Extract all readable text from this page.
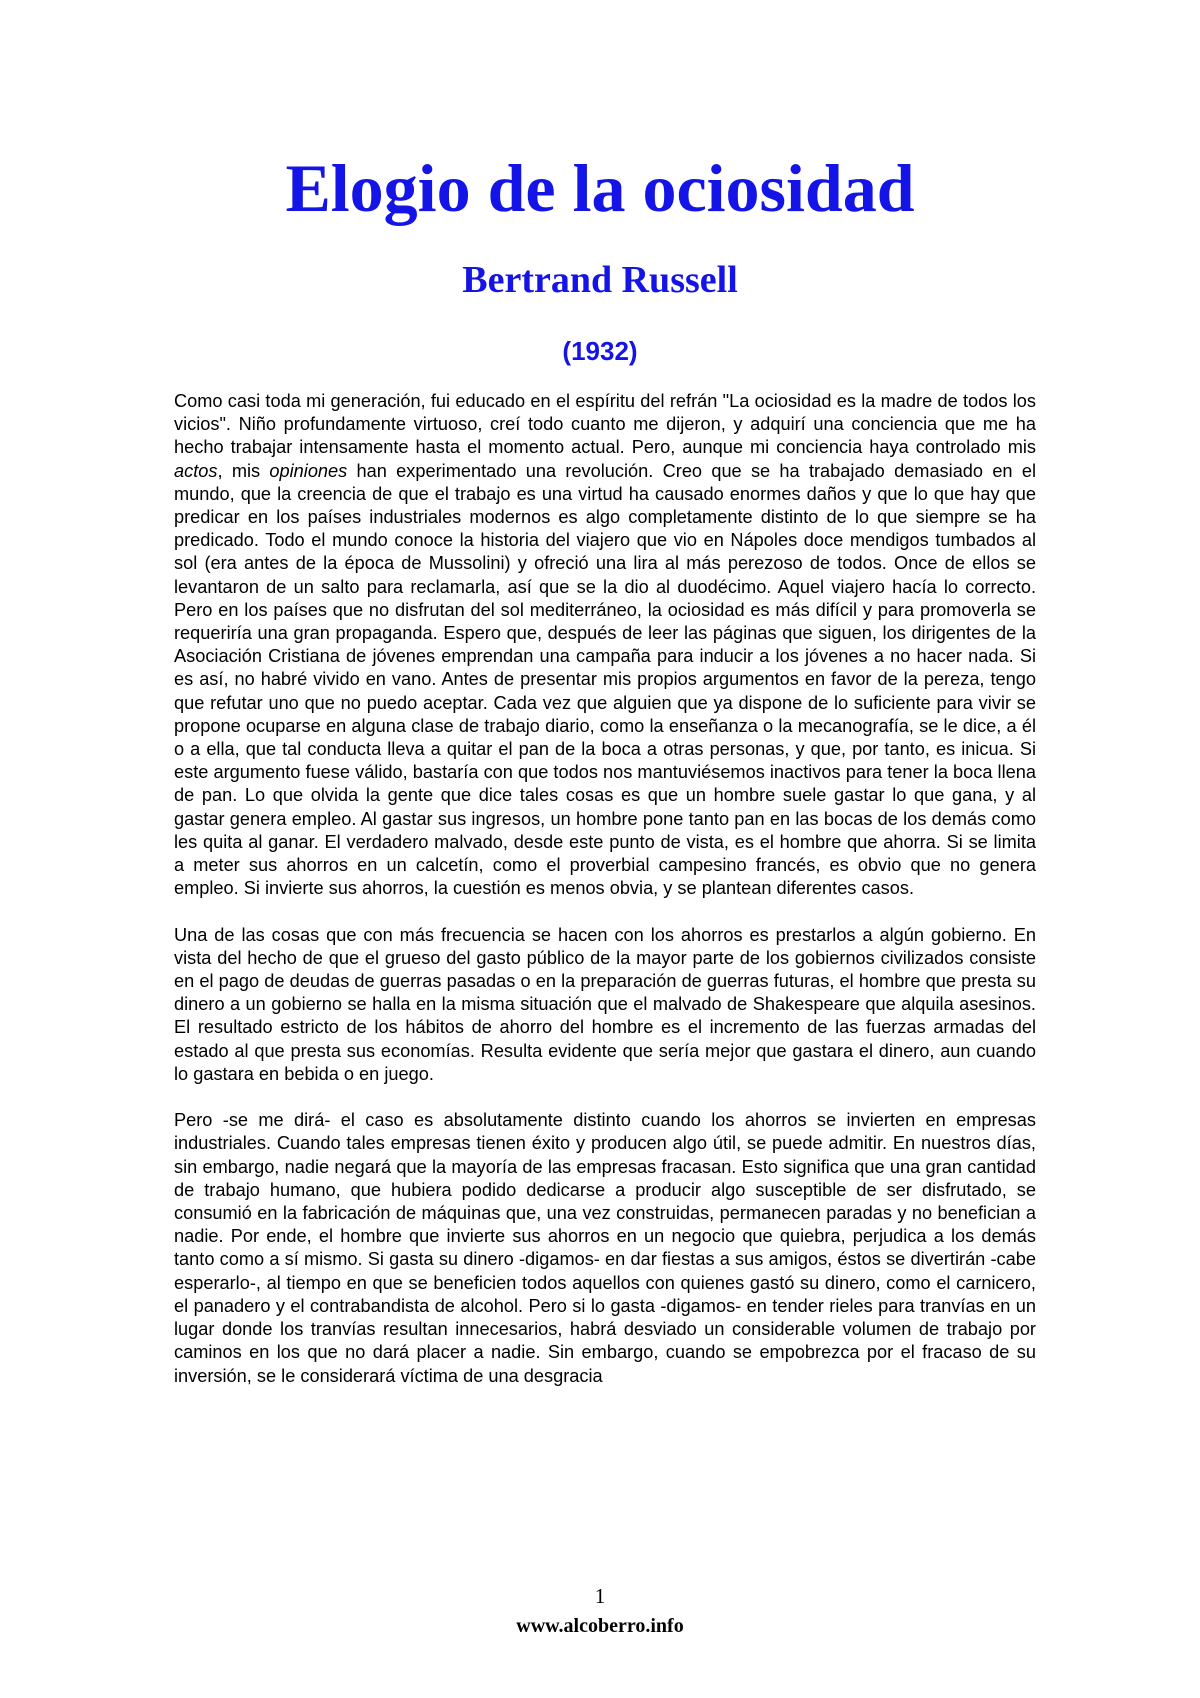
Elogio de la ociosidad
Bertrand Russell
(1932)

Como casi toda mi generación, fui educado en el espíritu del refrán "La ociosidad es la madre de todos los vicios". Niño profundamente virtuoso, creí todo cuanto me dijeron, y adquirí una conciencia que me ha hecho trabajar intensamente hasta el momento actual. Pero, aunque mi conciencia haya controlado mis actos, mis opiniones han experimentado una revolución. Creo que se ha trabajado demasiado en el mundo, que la creencia de que el trabajo es una virtud ha causado enormes daños y que lo que hay que predicar en los países industriales modernos es algo completamente distinto de lo que siempre se ha predicado. Todo el mundo conoce la historia del viajero que vio en Nápoles doce mendigos tumbados al sol (era antes de la época de Mussolini) y ofreció una lira al más perezoso de todos. Once de ellos se levantaron de un salto para reclamarla, así que se la dio al duodécimo. Aquel viajero hacía lo correcto. Pero en los países que no disfrutan del sol mediterráneo, la ociosidad es más difícil y para promoverla se requeriría una gran propaganda. Espero que, después de leer las páginas que siguen, los dirigentes de la Asociación Cristiana de jóvenes emprendan una campaña para inducir a los jóvenes a no hacer nada. Si es así, no habré vivido en vano. Antes de presentar mis propios argumentos en favor de la pereza, tengo que refutar uno que no puedo aceptar. Cada vez que alguien que ya dispone de lo suficiente para vivir se propone ocuparse en alguna clase de trabajo diario, como la enseñanza o la mecanografía, se le dice, a él o a ella, que tal conducta lleva a quitar el pan de la boca a otras personas, y que, por tanto, es inicua. Si este argumento fuese válido, bastaría con que todos nos mantuviésemos inactivos para tener la boca llena de pan. Lo que olvida la gente que dice tales cosas es que un hombre suele gastar lo que gana, y al gastar genera empleo. Al gastar sus ingresos, un hombre pone tanto pan en las bocas de los demás como les quita al ganar. El verdadero malvado, desde este punto de vista, es el hombre que ahorra. Si se limita a meter sus ahorros en un calcetín, como el proverbial campesino francés, es obvio que no genera empleo. Si invierte sus ahorros, la cuestión es menos obvia, y se plantean diferentes casos.

Una de las cosas que con más frecuencia se hacen con los ahorros es prestarlos a algún gobierno. En vista del hecho de que el grueso del gasto público de la mayor parte de los gobiernos civilizados consiste en el pago de deudas de guerras pasadas o en la preparación de guerras futuras, el hombre que presta su dinero a un gobierno se halla en la misma situación que el malvado de Shakespeare que alquila asesinos. El resultado estricto de los hábitos de ahorro del hombre es el incremento de las fuerzas armadas del estado al que presta sus economías. Resulta evidente que sería mejor que gastara el dinero, aun cuando lo gastara en bebida o en juego.

Pero -se me dirá- el caso es absolutamente distinto cuando los ahorros se invierten en empresas industriales. Cuando tales empresas tienen éxito y producen algo útil, se puede admitir. En nuestros días, sin embargo, nadie negará que la mayoría de las empresas fracasan. Esto significa que una gran cantidad de trabajo humano, que hubiera podido dedicarse a producir algo susceptible de ser disfrutado, se consumió en la fabricación de máquinas que, una vez construidas, permanecen paradas y no benefician a nadie. Por ende, el hombre que invierte sus ahorros en un negocio que quiebra, perjudica a los demás tanto como a sí mismo. Si gasta su dinero -digamos- en dar fiestas a sus amigos, éstos se divertirán -cabe esperarlo-, al tiempo en que se beneficien todos aquellos con quienes gastó su dinero, como el carnicero, el panadero y el contrabandista de alcohol. Pero si lo gasta -digamos- en tender rieles para tranvías en un lugar donde los tranvías resultan innecesarios, habrá desviado un considerable volumen de trabajo por caminos en los que no dará placer a nadie. Sin embargo, cuando se empobrezca por el fracaso de su inversión, se le considerará víctima de una desgracia

1
www.alcoberro.info
